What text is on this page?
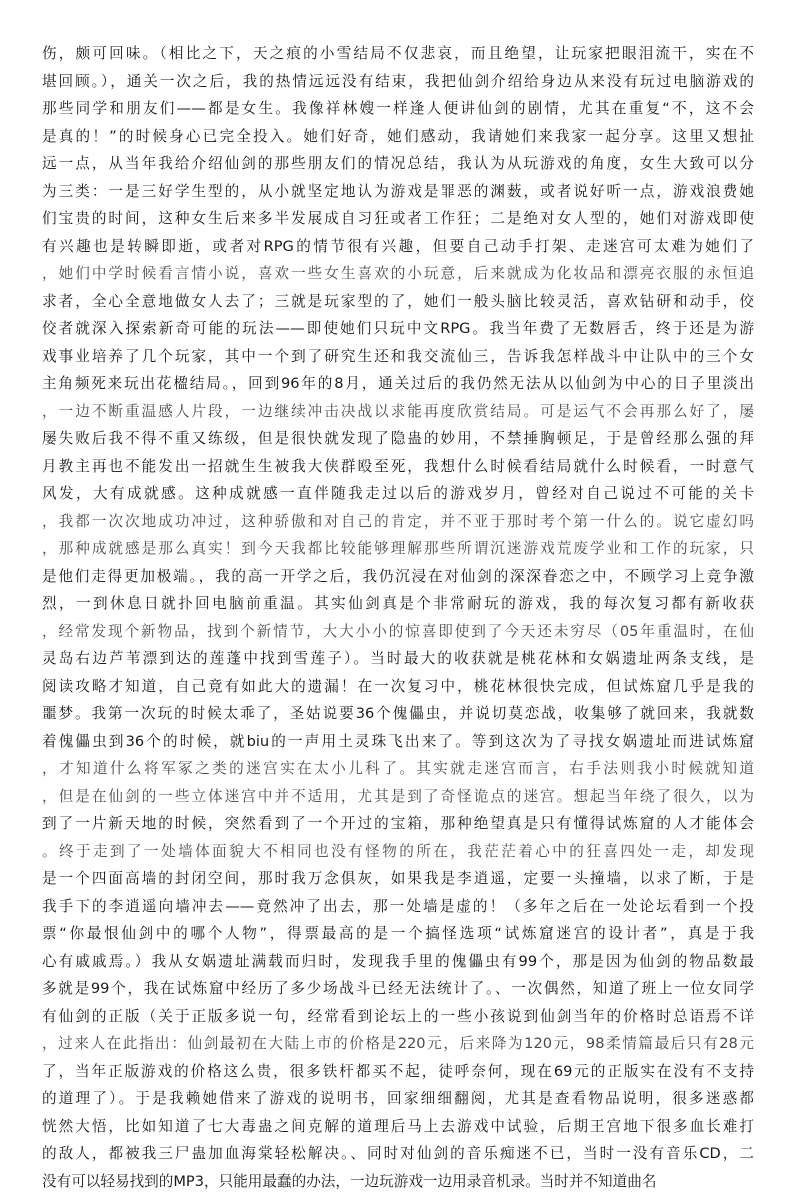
伤，颇可回味。（相比之下，天之痕的小雪结局不仅悲哀，而且绝望，让玩家把眼泪流干，实在不
堪回顾。），通关一次之后，我的热情远远没有结束，我把仙剑介绍给身边从来没有玩过电脑游戏的
那些同学和朋友们——都是女生。我像祥林嫂一样逢人便讲仙剑的剧情，尤其在重复“不，这不会
是真的！”的时候身心已完全投入。她们好奇，她们感动，我请她们来我家一起分享。这里又想扯
远一点，从当年我给介绍仙剑的那些朋友们的情况总结，我认为从玩游戏的角度，女生大致可以分
为三类：一是三好学生型的，从小就坚定地认为游戏是罪恶的渊薮，或者说好听一点，游戏浪费她
们宝贵的时间，这种女生后来多半发展成自习狂或者工作狂；二是绝对女人型的，她们对游戏即使
有兴趣也是转瞬即逝，或者对RPG的情节很有兴趣，但要自己动手打架、走迷宫可太难为她们了
，她们中学时候看言情小说，喜欢一些女生喜欢的小玩意，后来就成为化妆品和漂亮衣服的永恒追
求者，全心全意地做女人去了；三就是玩家型的了，她们一般头脑比较灵活，喜欢钻研和动手，佼
佼者就深入探索新奇可能的玩法——即使她们只玩中文RPG。我当年费了无数唇舌，终于还是为游
戏事业培养了几个玩家，其中一个到了研究生还和我交流仙三，告诉我怎样战斗中让队中的三个女
主角频死来玩出花楹结局。，回到96年的8月，通关过后的我仍然无法从以仙剑为中心的日子里淡出
，一边不断重温感人片段，一边继续冲击决战以求能再度欣赏结局。可是运气不会再那么好了，屡
屡失败后我不得不重又练级，但是很快就发现了隐蛊的妙用，不禁捶胸顿足，于是曾经那么强的拜
月教主再也不能发出一招就生生被我大侠群殴至死，我想什么时候看结局就什么时候看，一时意气
风发，大有成就感。这种成就感一直伴随我走过以后的游戏岁月，曾经对自己说过不可能的关卡
，我都一次次地成功冲过，这种骄傲和对自己的肯定，并不亚于那时考个第一什么的。说它虚幻吗
，那种成就感是那么真实！到今天我都比较能够理解那些所谓沉迷游戏荒废学业和工作的玩家，只
是他们走得更加极端。，我的高一开学之后，我仍沉浸在对仙剑的深深眷恋之中，不顾学习上竞争激
烈，一到休息日就扑回电脑前重温。其实仙剑真是个非常耐玩的游戏，我的每次复习都有新收获
，经常发现个新物品，找到个新情节，大大小小的惊喜即使到了今天还未穷尽（05年重温时，在仙
灵岛右边芦苇漂到达的莲蓬中找到雪莲子）。当时最大的收获就是桃花林和女娲遗址两条支线，是
阅读攻略才知道，自己竟有如此大的遗漏！在一次复习中，桃花林很快完成，但试炼窟几乎是我的
噩梦。我第一次玩的时候太乖了，圣姑说要36个傀儡虫，并说切莫恋战，收集够了就回来，我就数
着傀儡虫到36个的时候，就biu的一声用土灵珠飞出来了。等到这次为了寻找女娲遗址而进试炼窟
，才知道什么将军冢之类的迷宫实在太小儿科了。其实就走迷宫而言，右手法则我小时候就知道
，但是在仙剑的一些立体迷宫中并不适用，尤其是到了奇怪诡点的迷宫。想起当年绕了很久，以为
到了一片新天地的时候，突然看到了一个开过的宝箱，那种绝望真是只有懂得试炼窟的人才能体会
。终于走到了一处墙体面貌大不相同也没有怪物的所在，我茫茫着心中的狂喜四处一走，却发现
是一个四面高墙的封闭空间，那时我万念俱灰，如果我是李逍遥，定要一头撞墙，以求了断，于是
我手下的李逍遥向墙冲去——竟然冲了出去，那一处墙是虚的！（多年之后在一处论坛看到一个投
票“你最恨仙剑中的哪个人物”，得票最高的是一个搞怪选项“试炼窟迷宫的设计者”，真是于我
心有戚戚焉。）我从女娲遗址满载而归时，发现我手里的傀儡虫有99个，那是因为仙剑的物品数最
多就是99个，我在试炼窟中经历了多少场战斗已经无法统计了。、一次偶然，知道了班上一位女同学
有仙剑的正版（关于正版多说一句，经常看到论坛上的一些小孩说到仙剑当年的价格时总语焉不详
，过来人在此指出：仙剑最初在大陆上市的价格是220元，后来降为120元，98柔情篇最后只有28元
了，当年正版游戏的价格这么贵，很多铁杆都买不起，徒呼奈何，现在69元的正版实在没有不支持
的道理了）。于是我赖她借来了游戏的说明书，回家细细翻阅，尤其是查看物品说明，很多迷惑都
恍然大悟，比如知道了七大毒蛊之间克解的道理后马上去游戏中试验，后期王宫地下很多血长难打
的敌人，都被我三尸蛊加血海棠轻松解决。、同时对仙剑的音乐痴迷不已，当时一没有音乐CD，二
没有可以轻易找到的MP3，只能用最蠢的办法，一边玩游戏一边用录音机录。当时并不知道曲名
